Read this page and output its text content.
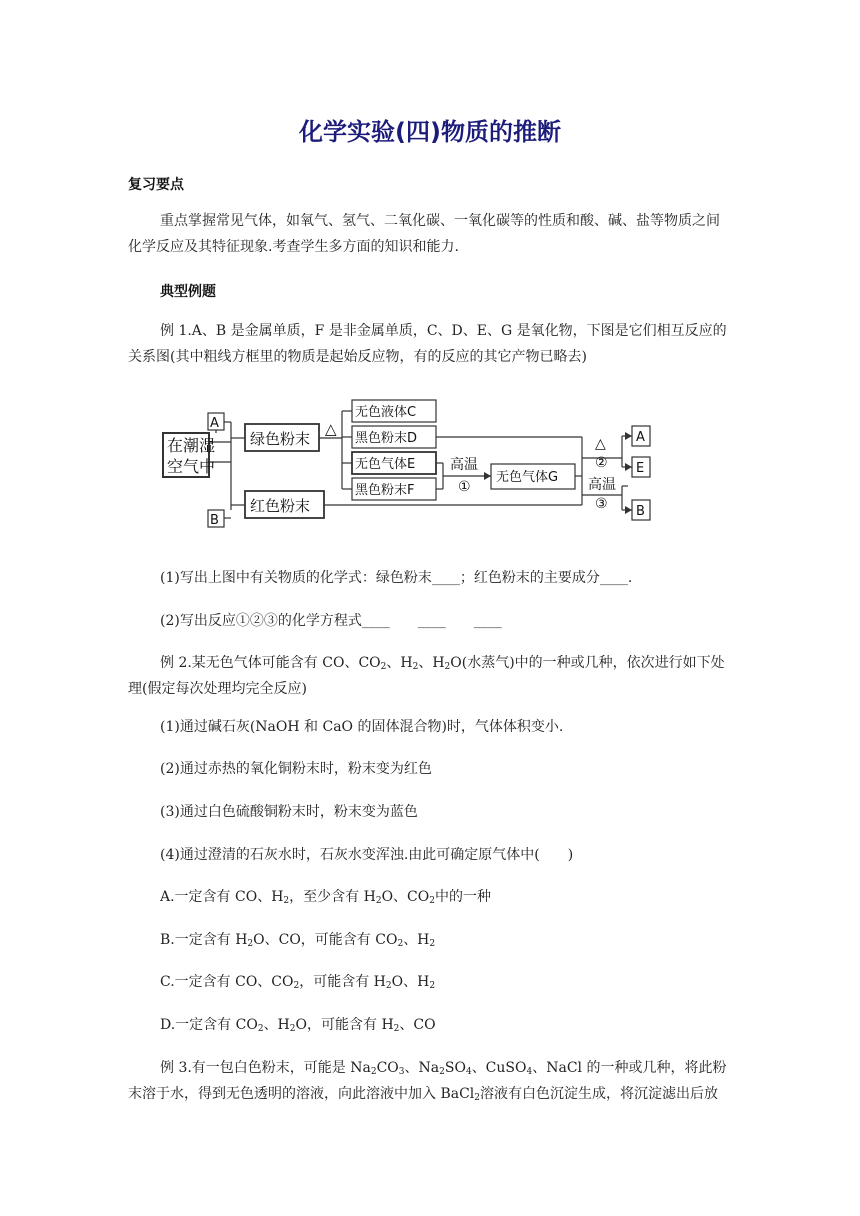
化学实验(四)物质的推断
复习要点
重点掌握常见气体，如氧气、氢气、二氧化碳、一氧化碳等的性质和酸、碱、盐等物质之间化学反应及其特征现象.考查学生多方面的知识和能力.
典型例题
例 1.A、B 是金属单质，F 是非金属单质，C、D、E、G 是氧化物，下图是它们相互反应的关系图(其中粗线方框里的物质是起始反应物，有的反应的其它产物已略去)
A
B
在潮湿
空气中
绿色粉末
红色粉末
△
无色液体C
黑色粉末D
无色气体E
黑色粉末F
高温
①
无色气体G
△
②
高温
③
A
E
B
(1)写出上图中有关物质的化学式：绿色粉末____；红色粉末的主要成分____.
(2)写出反应①②③的化学方程式____　　____　　____
例 2.某无色气体可能含有 CO、$CO_2$、$H_2$、$H_2O$(水蒸气)中的一种或几种，依次进行如下处理(假定每次处理均完全反应)
(1)通过碱石灰(NaOH 和 CaO 的固体混合物)时，气体体积变小.
(2)通过赤热的氧化铜粉末时，粉末变为红色
(3)通过白色硫酸铜粉末时，粉末变为蓝色
(4)通过澄清的石灰水时，石灰水变浑浊.由此可确定原气体中(　　)
A.一定含有 CO、$H_2$，至少含有 $H_2O$、$CO_2$中的一种
B.一定含有 $H_2O$、CO，可能含有 $CO_2$、$H_2$
C.一定含有 CO、$CO_2$，可能含有 $H_2O$、$H_2$
D.一定含有 $CO_2$、$H_2O$，可能含有 $H_2$、CO
例 3.有一包白色粉末，可能是 $Na_2CO_3$、$Na_2SO_4$、CuSO$_4$、NaCl 的一种或几种，将此粉末溶于水，得到无色透明的溶液，向此溶液中加入 BaCl$_2$溶液有白色沉淀生成，将沉淀滤出后放
